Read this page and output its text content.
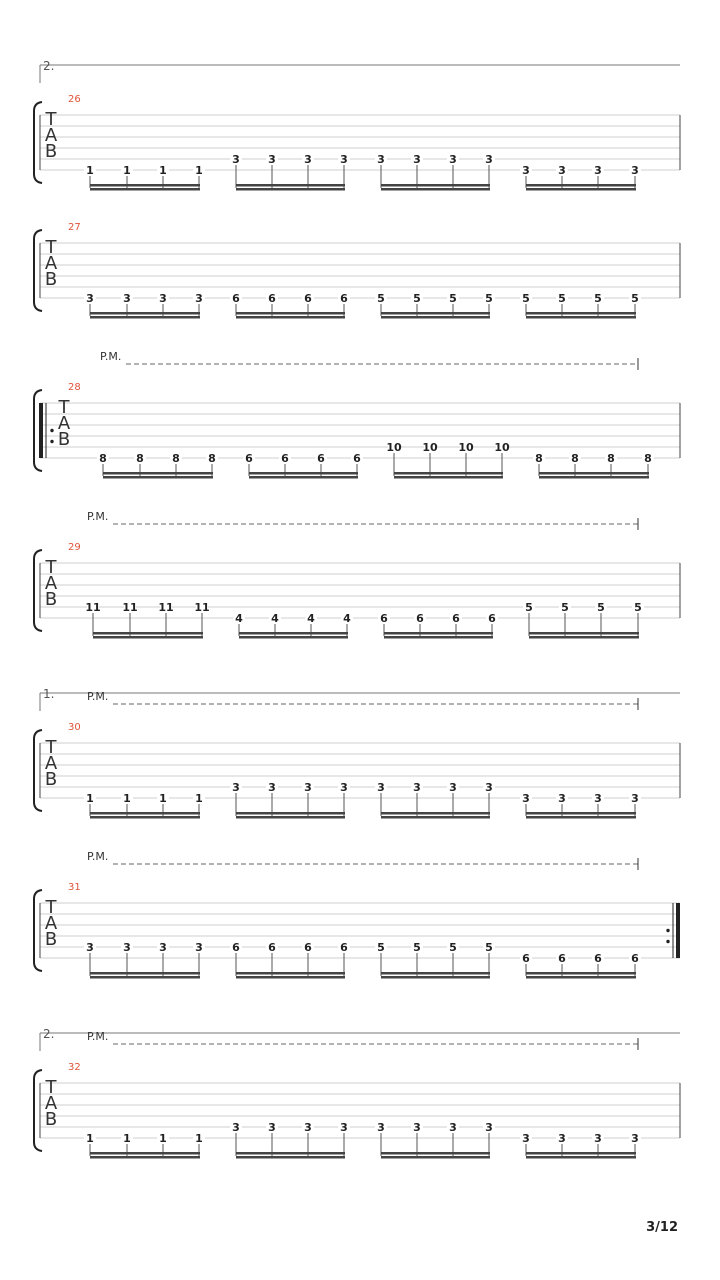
2.
26
T
A
B
1	1	1	1
3	3	3	3	3	3	3	3
3	3	3	3
27
T
A
B
3	3	3	3	6	6	6	6	5	5	5	5	5	5	5	5
P.M.
28
T
A
B
8	8	8	8	6	6	6	6
10 10 10 10
8	8	8	8
P.M.
29
T
A
B	11 11 11 11
4	4	4	4	6	6	6	6
5	5	5	5
1.	P.M.
30
T
A
B
1	1	1	1
3	3	3	3	3	3	3	3
3	3	3	3
P.M.
31
T
A
B	3	3	3	3	6	6	6	6	5	5	5	5
6	6	6	6
2.	P.M.
32
T
A
B
1	1	1	1
3	3	3	3	3	3	3	3
3	3	3	3
3/12
